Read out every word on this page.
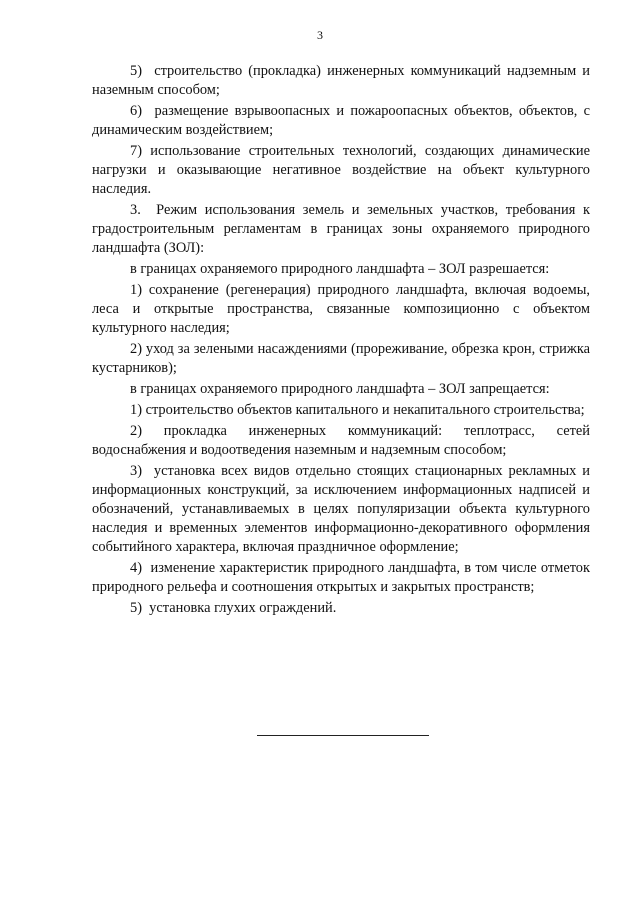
3

5)  строительство (прокладка) инженерных коммуникаций надземным и наземным способом;

6)  размещение взрывоопасных и пожароопасных объектов, объектов, с динамическим воздействием;

7) использование строительных технологий, создающих динамические нагрузки и оказывающие негативное воздействие на объект культурного наследия.

3.  Режим использования земель и земельных участков, требования к градостроительным регламентам в границах зоны охраняемого природного ландшафта (ЗОЛ):

в границах охраняемого природного ландшафта – ЗОЛ разрешается:

1) сохранение (регенерация) природного ландшафта, включая водоемы, леса и открытые пространства, связанные композиционно с объектом культурного наследия;

2) уход за зелеными насаждениями (прореживание, обрезка крон, стрижка кустарников);

в границах охраняемого природного ландшафта – ЗОЛ запрещается:

1) строительство объектов капитального и некапитального строительства;

2) прокладка инженерных коммуникаций: теплотрасс, сетей водоснабжения и водоотведения наземным и надземным способом;

3)  установка всех видов отдельно стоящих стационарных рекламных и информационных конструкций, за исключением информационных надписей и обозначений, устанавливаемых в целях популяризации объекта культурного наследия и временных элементов информационно-декоративного оформления событийного характера, включая праздничное оформление;

4)  изменение характеристик природного ландшафта, в том числе отметок природного рельефа и соотношения открытых и закрытых пространств;

5)  установка глухих ограждений.
